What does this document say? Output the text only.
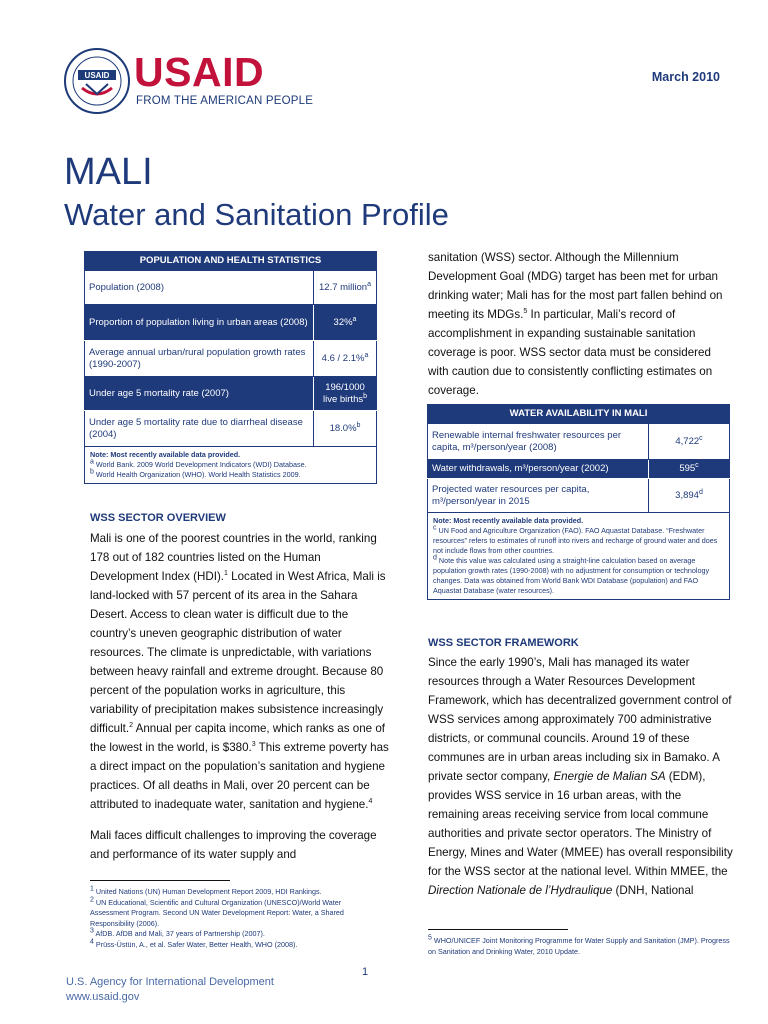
USAID USAID
FROM THE AMERICAN PEOPLE
March 2010
MALI
Water and Sanitation Profile
POPULATION AND HEALTH STATISTICS
Population (2008)	12.7 million$^a$
Proportion of population living in urban areas (2008)	32%$^a$
Average annual urban/rural population growth rates (1990-2007)	4.6 / 2.1%$^a$
Under age 5 mortality rate (2007)	196/1000 live births$^b$
Under age 5 mortality rate due to diarrheal disease (2004)	18.0%$^b$
Note: Most recently available data provided.
$^a$ World Bank. 2009 World Development Indicators (WDI) Database.
$^b$ World Health Organization (WHO). World Health Statistics 2009.
WSS SECTOR OVERVIEW
Mali is one of the poorest countries in the world, ranking 178 out of 182 countries listed on the Human Development Index (HDI).$^1$ Located in West Africa, Mali is land-locked with 57 percent of its area in the Sahara Desert. Access to clean water is difficult due to the country’s uneven geographic distribution of water resources. The climate is unpredictable, with variations between heavy rainfall and extreme drought. Because 80 percent of the population works in agriculture, this variability of precipitation makes subsistence increasingly difficult.$^2$ Annual per capita income, which ranks as one of the lowest in the world, is $380.$^3$ This extreme poverty has a direct impact on the population’s sanitation and hygiene practices. Of all deaths in Mali, over 20 percent can be attributed to inadequate water, sanitation and hygiene.$^4$
Mali faces difficult challenges to improving the coverage and performance of its water supply and
sanitation (WSS) sector. Although the Millennium Development Goal (MDG) target has been met for urban drinking water; Mali has for the most part fallen behind on meeting its MDGs.$^5$ In particular, Mali’s record of accomplishment in expanding sustainable sanitation coverage is poor. WSS sector data must be considered with caution due to consistently conflicting estimates on coverage.
WATER AVAILABILITY IN MALI
Renewable internal freshwater resources per capita, m³/person/year (2008)	4,722$^c$
Water withdrawals, m³/person/year (2002)	595$^c$
Projected water resources per capita, m³/person/year in 2015	3,894$^d$
Note: Most recently available data provided.
$^c$ UN Food and Agriculture Organization (FAO). FAO Aquastat Database. “Freshwater resources” refers to estimates of runoff into rivers and recharge of ground water and does not include flows from other countries.
$^d$ Note this value was calculated using a straight-line calculation based on average population growth rates (1990-2008) with no adjustment for consumption or technology changes. Data was obtained from World Bank WDI Database (population) and FAO Aquastat Database (water resources).
WSS SECTOR FRAMEWORK
Since the early 1990’s, Mali has managed its water resources through a Water Resources Development Framework, which has decentralized government control of WSS services among approximately 700 administrative districts, or communal councils. Around 19 of these communes are in urban areas including six in Bamako. A private sector company, Energie de Malian SA (EDM), provides WSS service in 16 urban areas, with the remaining areas receiving service from local commune authorities and private sector operators. The Ministry of Energy, Mines and Water (MMEE) has overall responsibility for the WSS sector at the national level. Within MMEE, the Direction Nationale de l’Hydraulique (DNH, National
$^1$ United Nations (UN) Human Development Report 2009, HDI Rankings.
$^2$ UN Educational, Scientific and Cultural Organization (UNESCO)/World Water Assessment Program. Second UN Water Development Report: Water, a Shared Responsibility (2006).
$^3$ AfDB. AfDB and Mali, 37 years of Partnership (2007).
$^4$ Prüss-Üstün, A., et al. Safer Water, Better Health, WHO (2008).
$^5$ WHO/UNICEF Joint Monitoring Programme for Water Supply and Sanitation (JMP). Progress on Sanitation and Drinking Water, 2010 Update.
1
U.S. Agency for International Development
www.usaid.gov
